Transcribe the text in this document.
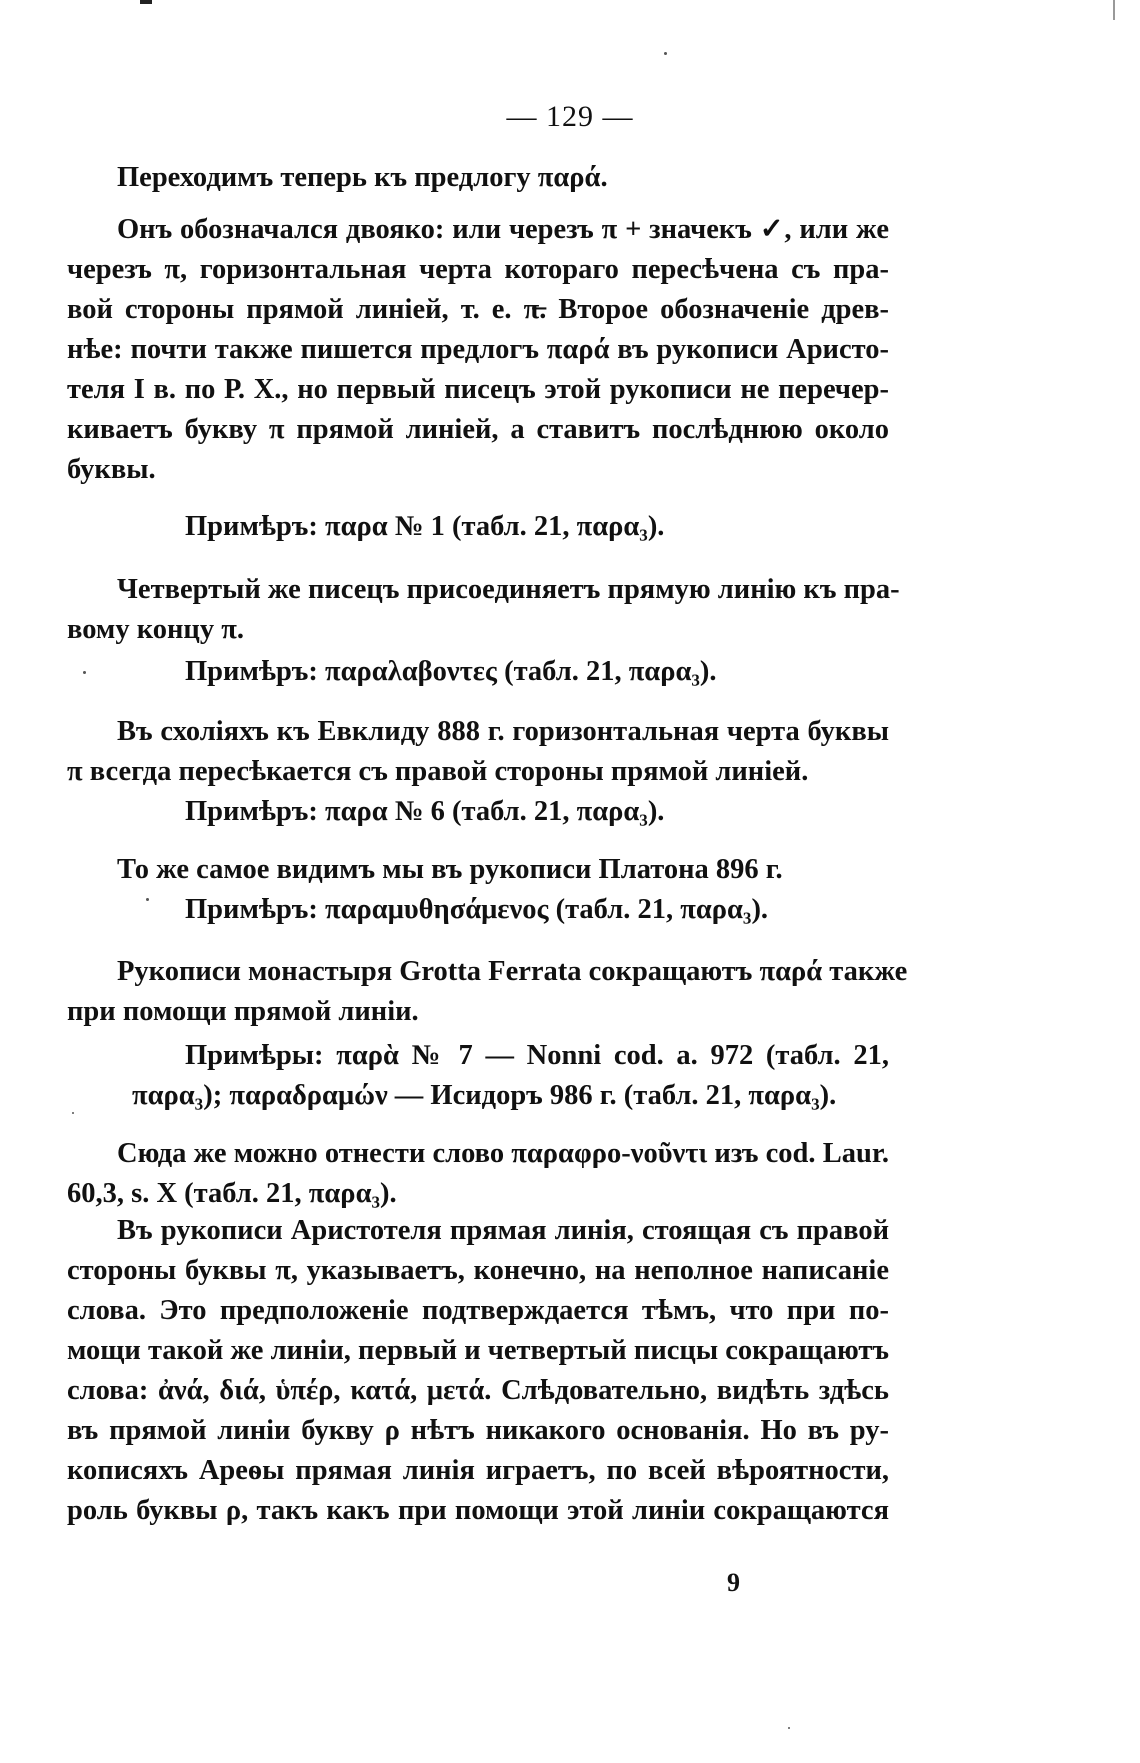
— 129 —
Переходимъ теперь къ предлогу παρά.
Онъ обозначался двояко: или черезъ π + значекъ ✓, или же
черезъ π, горизонтальная черта котораго пересѣчена съ пра-
вой стороны прямой линіей, т. е. π̶. Второе обозначеніе древ-
нѣе: почти также пишется предлогъ παρά въ рукописи Аристо-
теля I в. по Р. Х., но первый писецъ этой рукописи не перечер-
киваетъ букву π прямой линіей, а ставитъ послѣднюю около
буквы.
Примѣръ: παρα № 1 (табл. 21, παρα₃).
Четвертый же писецъ присоединяетъ прямую линію къ пра-
вому концу π.
Примѣръ: παραλαβοντες (табл. 21, παρα₃).
Въ схоліяхъ къ Евклиду 888 г. горизонтальная черта буквы
π всегда пересѣкается съ правой стороны прямой линіей.
Примѣръ: παρα № 6 (табл. 21, παρα₃).
То же самое видимъ мы въ рукописи Платона 896 г.
Примѣръ: παραμυθησάμενος (табл. 21, παρα₃).
Рукописи монастыря Grotta Ferrata сокращаютъ παρά также
при помощи прямой линіи.
Примѣры: παρὰ № 7 — Nonni cod. a. 972 (табл. 21,
παρα₃); παραδραμών — Исидоръ 986 г. (табл. 21, παρα₃).
Сюда же можно отнести слово παραφρο-νοῦντι изъ cod. Laur.
60,3, s. X (табл. 21, παρα₃).
Въ рукописи Аристотеля прямая линія, стоящая съ правой
стороны буквы π, указываетъ, конечно, на неполное написаніе
слова. Это предположеніе подтверждается тѣмъ, что при по-
мощи такой же линіи, первый и четвертый писцы сокращаютъ
слова: ἀνά, διά, ὑπέρ, κατά, μετά. Слѣдовательно, видѣть здѣсь
въ прямой линіи букву ρ нѣтъ никакого основанія. Но въ ру-
кописяхъ Ареѳы прямая линія играетъ, по всей вѣроятности,
роль буквы ρ, такъ какъ при помощи этой линіи сокращаются
9
